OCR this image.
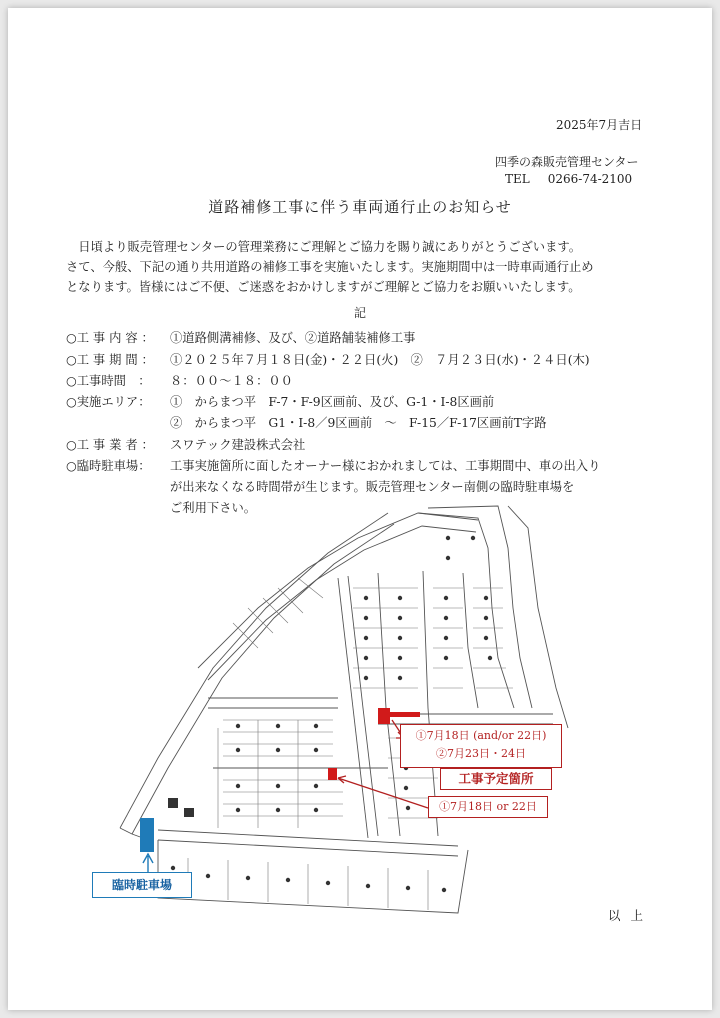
2025年7月吉日
四季の森販売管理センター
TEL 0266-74-2100
道路補修工事に伴う車両通行止のお知らせ
　日頃より販売管理センターの管理業務にご理解とご協力を賜り誠にありがとうございます。
さて、今般、下記の通り共用道路の補修工事を実施いたします。実施期間中は一時車両通行止め
となります。皆様にはご不便、ご迷惑をおかけしますがご理解とご協力をお願いいたします。
記
○工 事 内 容 ： ①道路側溝補修、及び、②道路舗装補修工事
○工 事 期 間 ： ①２０２５年７月１８日(金)・２２日(火)　②　７月２３日(水)・２４日(木)
○工事時間　： ８：００～１８：００
○実施エリア： ①　からまつ平　F-7・F-9区画前、及び、G-1・I-8区画前
②　からまつ平　G1・I-8／9区画前　～　F-15／F-17区画前T字路
○工 事 業 者 ： スワテック建設株式会社
○臨時駐車場： 工事実施箇所に面したオーナー様におかれましては、工事期間中、車の出入り
が出来なくなる時間帯が生じます。販売管理センター南側の臨時駐車場を
ご利用下さい。
①7月18日 (and/or 22日)
②7月23日・24日
工事予定箇所
①7月18日 or 22日
臨時駐車場
以上
